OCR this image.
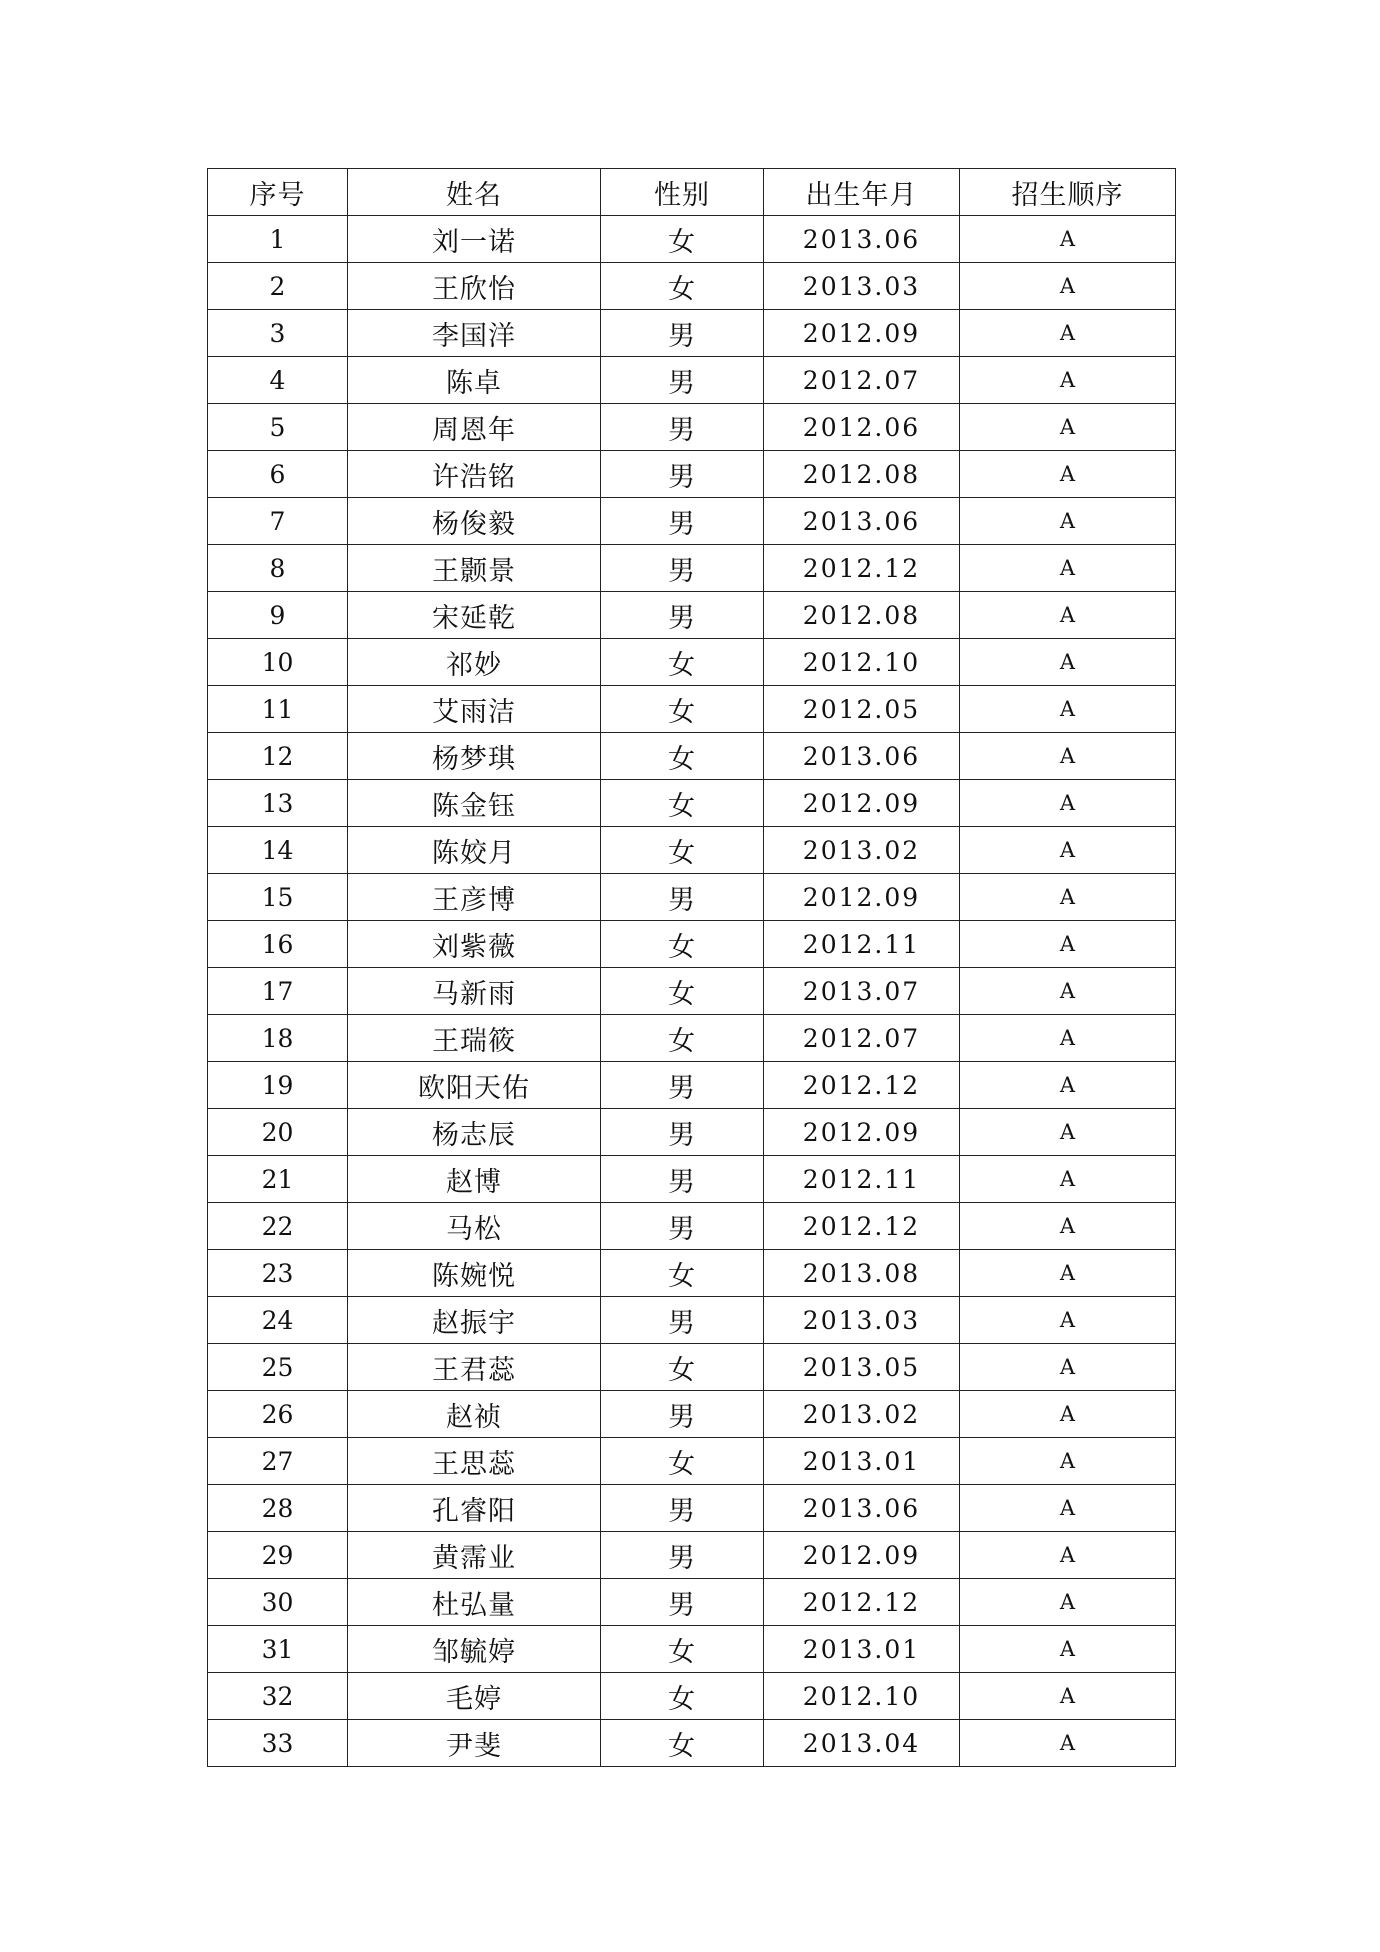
序号	姓名	性别	出生年月	招生顺序
1	刘一诺	女	2013.06	A
2	王欣怡	女	2013.03	A
3	李国洋	男	2012.09	A
4	陈卓	男	2012.07	A
5	周恩年	男	2012.06	A
6	许浩铭	男	2012.08	A
7	杨俊毅	男	2013.06	A
8	王颢景	男	2012.12	A
9	宋延乾	男	2012.08	A
10	祁妙	女	2012.10	A
11	艾雨洁	女	2012.05	A
12	杨梦琪	女	2013.06	A
13	陈金钰	女	2012.09	A
14	陈姣月	女	2013.02	A
15	王彦博	男	2012.09	A
16	刘紫薇	女	2012.11	A
17	马新雨	女	2013.07	A
18	王瑞筱	女	2012.07	A
19	欧阳天佑	男	2012.12	A
20	杨志辰	男	2012.09	A
21	赵博	男	2012.11	A
22	马松	男	2012.12	A
23	陈婉悦	女	2013.08	A
24	赵振宇	男	2013.03	A
25	王君蕊	女	2013.05	A
26	赵祯	男	2013.02	A
27	王思蕊	女	2013.01	A
28	孔睿阳	男	2013.06	A
29	黄霈业	男	2012.09	A
30	杜弘量	男	2012.12	A
31	邹毓婷	女	2013.01	A
32	毛婷	女	2012.10	A
33	尹斐	女	2013.04	A
